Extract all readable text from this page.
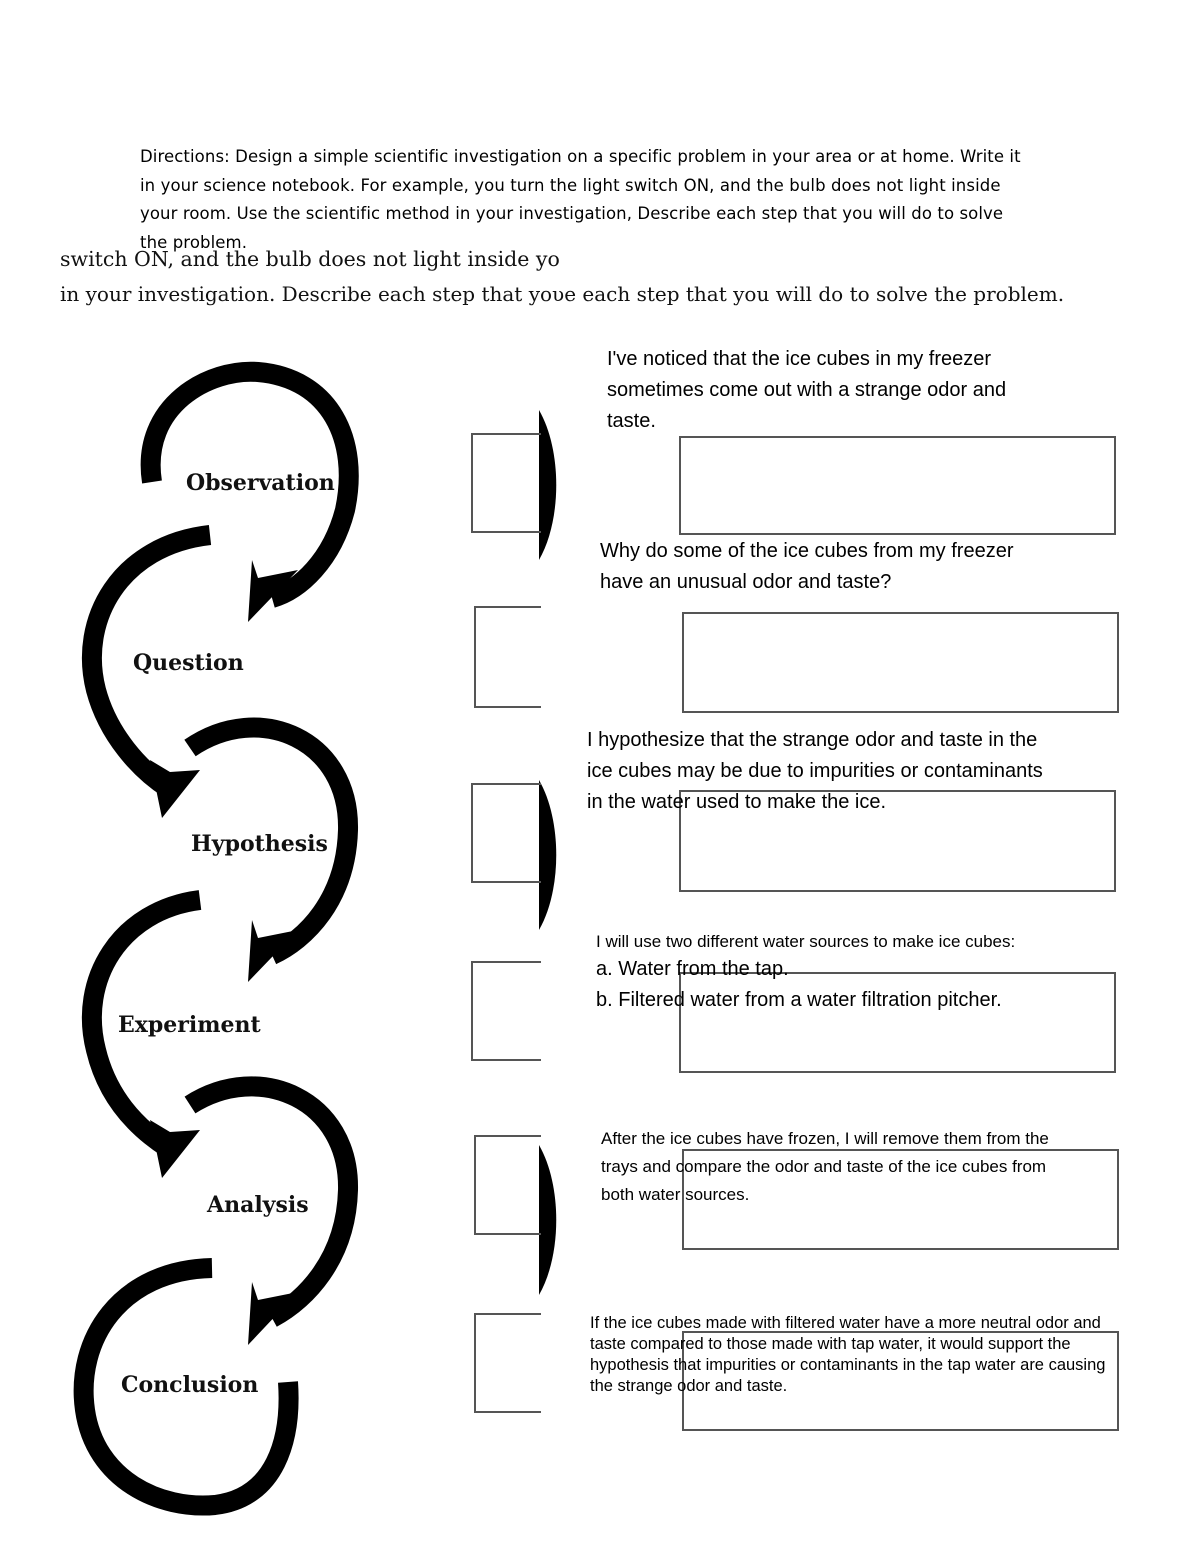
Directions: Design a simple scientific investigation on a specific problem in your area or at home. Write it
in your science notebook. For example, you turn the light switch ON, and the bulb does not light inside
your room. Use the scientific method in your investigation, Describe each step that you will do to solve
the problem.
switch ON, and the bulb does not light inside yo
in your investigation. Describe each step that yoυe each step that you will do to solve the problem.
Observation
Question
Hypothesis
Experiment
Analysis
Conclusion
I've noticed that the ice cubes in my freezer sometimes come out with a strange odor and taste.
Why do some of the ice cubes from my freezer have an unusual odor and taste?
I hypothesize that the strange odor and taste in the ice cubes may be due to impurities or contaminants in the water used to make the ice.
I will use two different water sources to make ice cubes:
a. Water from the tap.
b. Filtered water from a water filtration pitcher.
After the ice cubes have frozen, I will remove them from the trays and compare the odor and taste of the ice cubes from both water sources.
If the ice cubes made with filtered water have a more neutral odor and taste compared to those made with tap water, it would support the hypothesis that impurities or contaminants in the tap water are causing the strange odor and taste.
